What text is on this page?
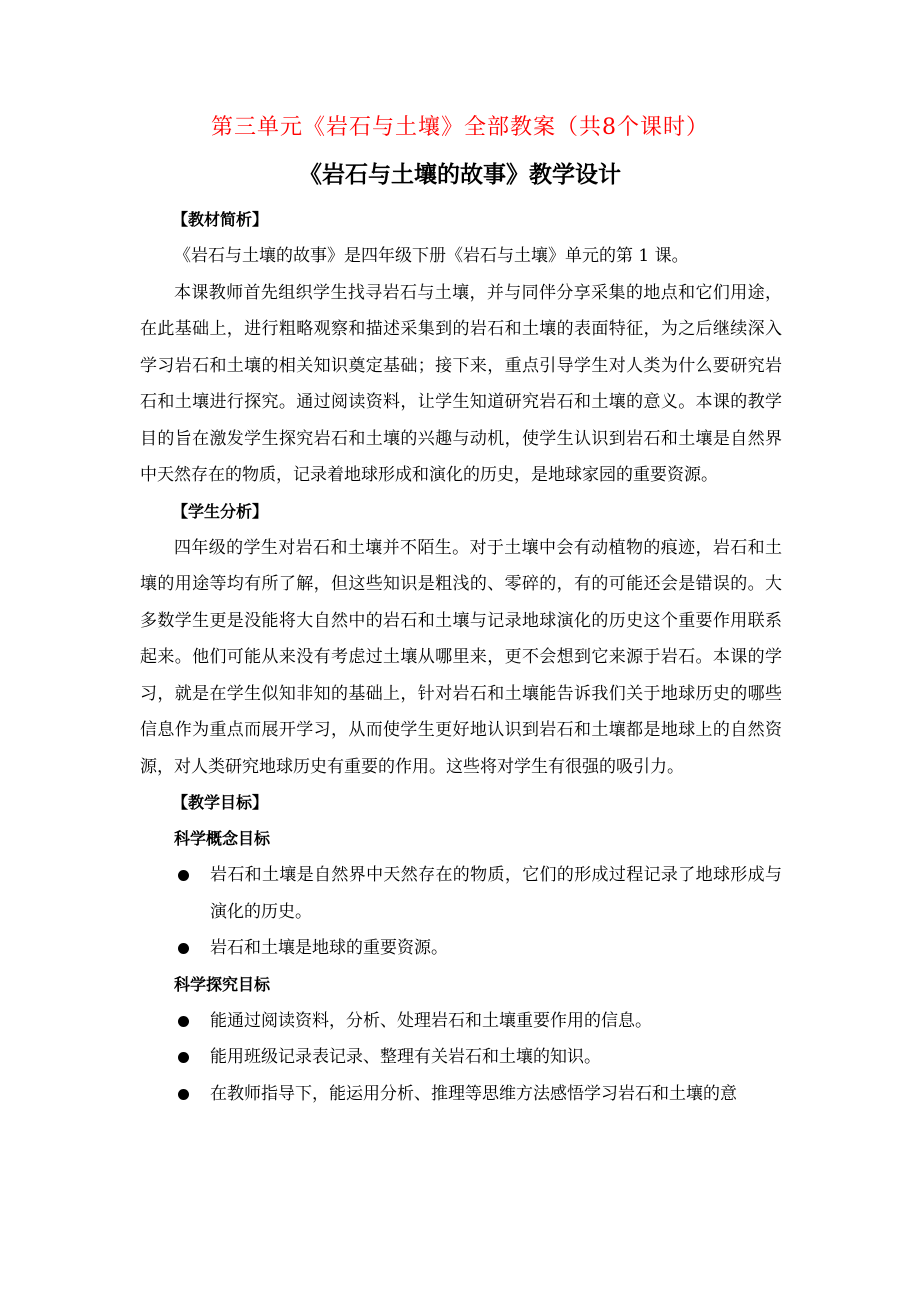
第三单元《岩石与土壤》全部教案（共8个课时）
《岩石与土壤的故事》教学设计
【教材简析】

《岩石与土壤的故事》是四年级下册《岩石与土壤》单元的第 1 课。

本课教师首先组织学生找寻岩石与土壤，并与同伴分享采集的地点和它们用途，在此基础上，进行粗略观察和描述采集到的岩石和土壤的表面特征，为之后继续深入学习岩石和土壤的相关知识奠定基础；接下来，重点引导学生对人类为什么要研究岩石和土壤进行探究。通过阅读资料，让学生知道研究岩石和土壤的意义。本课的教学目的旨在激发学生探究岩石和土壤的兴趣与动机，使学生认识到岩石和土壤是自然界中天然存在的物质，记录着地球形成和演化的历史，是地球家园的重要资源。

【学生分析】

四年级的学生对岩石和土壤并不陌生。对于土壤中会有动植物的痕迹，岩石和土壤的用途等均有所了解，但这些知识是粗浅的、零碎的，有的可能还会是错误的。大多数学生更是没能将大自然中的岩石和土壤与记录地球演化的历史这个重要作用联系起来。他们可能从来没有考虑过土壤从哪里来，更不会想到它来源于岩石。本课的学习，就是在学生似知非知的基础上，针对岩石和土壤能告诉我们关于地球历史的哪些信息作为重点而展开学习，从而使学生更好地认识到岩石和土壤都是地球上的自然资源，对人类研究地球历史有重要的作用。这些将对学生有很强的吸引力。

【教学目标】
科学概念目标
岩石和土壤是自然界中天然存在的物质，它们的形成过程记录了地球形成与演化的历史。
岩石和土壤是地球的重要资源。
科学探究目标
能通过阅读资料，分析、处理岩石和土壤重要作用的信息。
能用班级记录表记录、整理有关岩石和土壤的知识。
在教师指导下，能运用分析、推理等思维方法感悟学习岩石和土壤的意
